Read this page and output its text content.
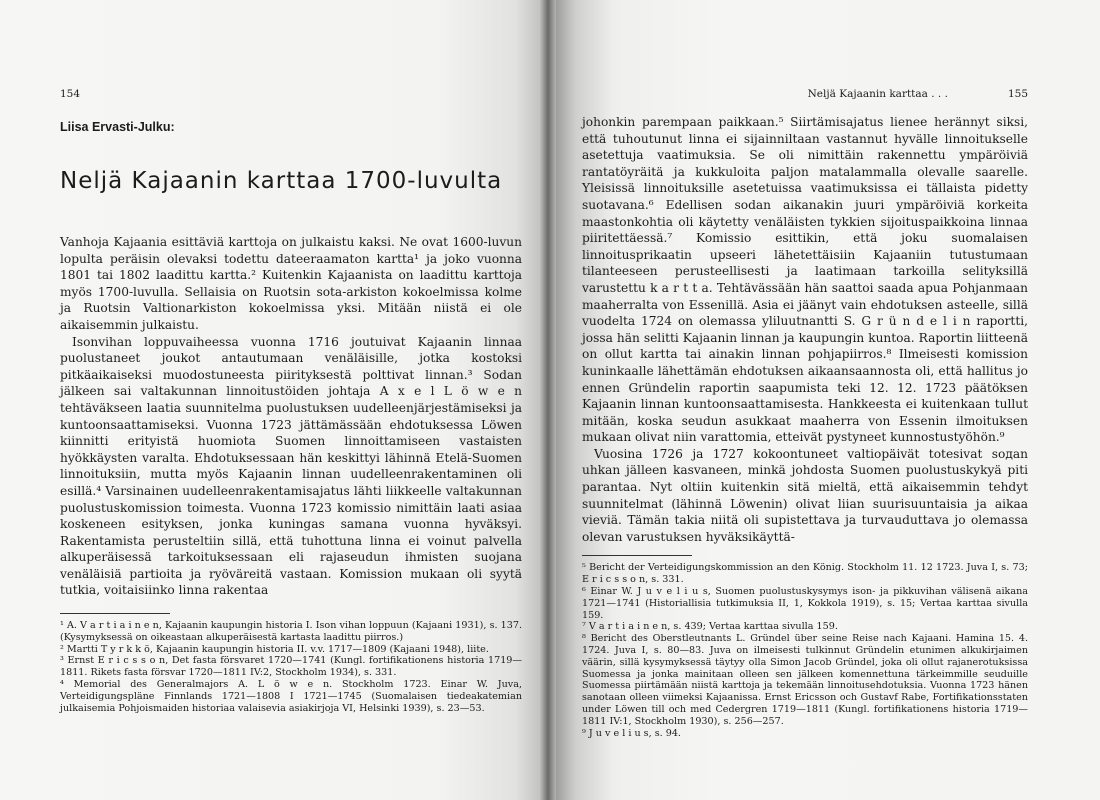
154
Liisa Ervasti-Julku:
Neljä Kajaanin karttaa 1700-luvulta

Vanhoja Kajaania esittäviä karttoja on julkaistu kaksi. Ne ovat 1600-luvun lopulta peräisin olevaksi todettu dateeraamaton kartta¹ ja joko vuonna 1801 tai 1802 laadittu kartta.² Kuitenkin Kajaanista on laadittu karttoja myös 1700-luvulla. Sellaisia on Ruotsin sota-arkiston kokoelmissa kolme ja Ruotsin Valtionarkiston kokoelmissa yksi. Mitään niistä ei ole aikaisemmin julkaistu.

Isonvihan loppuvaiheessa vuonna 1716 joutuivat Kajaanin linnaa puolustaneet joukot antautumaan venäläisille, jotka kostoksi pitkäaikaiseksi muodostuneesta piirityksestä polttivat linnan.³ Sodan jälkeen sai valtakunnan linnoitustöiden johtaja A x e l L ö w e n tehtäväkseen laatia suunnitelma puolustuksen uudelleenjärjestämiseksi ja kuntoonsaattamiseksi. Vuonna 1723 jättämässään ehdotuksessa Löwen kiinnitti erityistä huomiota Suomen linnoittamiseen vastaisten hyökkäysten varalta. Ehdotuksessaan hän keskittyi lähinnä Etelä-Suomen linnoituksiin, mutta myös Kajaanin linnan uudelleenrakentaminen oli esillä.⁴ Varsinainen uudelleenrakentamisajatus lähti liikkeelle valtakunnan puolustuskomission toimesta. Vuonna 1723 komissio nimittäin laati asiaa koskeneen esityksen, jonka kuningas samana vuonna hyväksyi. Rakentamista perusteltiin sillä, että tuhottuna linna ei voinut palvella alkuperäisessä tarkoituksessaan eli rajaseudun ihmisten suojana venäläisiä partioita ja ryöväreitä vastaan. Komission mukaan oli syytä tutkia, voitaisiinko linna rakentaa

¹ A. V a r t i a i n e n, Kajaanin kaupungin historia I. Ison vihan loppuun (Kajaani 1931), s. 137. (Kysymyksessä on oikeastaan alkuperäisestä kartasta laadittu piirros.)

² Martti T y r k k ö, Kajaanin kaupungin historia II. v.v. 1717—1809 (Kajaani 1948), liite.

³ Ernst E r i c s s o n, Det fasta försvaret 1720—1741 (Kungl. fortifikationens historia 1719—1811. Rikets fasta försvar 1720—1811 IV:2, Stockholm 1934), s. 331.

⁴ Memorial des Generalmajors A. L ö w e n. Stockholm 1723. Einar W. Juva, Verteidigungspläne Finnlands 1721—1808 I 1721—1745 (Suomalaisen tiedeakatemian julkaisemia Pohjoismaiden historiaa valaisevia asiakirjoja VI, Helsinki 1939), s. 23—53.

Neljä Kajaanin karttaa . . .	155

johonkin parempaan paikkaan.⁵ Siirtämisajatus lienee herännyt siksi, että tuhoutunut linna ei sijainniltaan vastannut hyvälle linnoitukselle asetettuja vaatimuksia. Se oli nimittäin rakennettu ympäröiviä rantatöyräitä ja kukkuloita paljon matalammalla olevalle saarelle. Yleisissä linnoituksille asetetuissa vaatimuksissa ei tällaista pidetty suotavana.⁶ Edellisen sodan aikanakin juuri ympäröiviä korkeita maastonkohtia oli käytetty venäläisten tykkien sijoituspaikkoina linnaa piiritettäessä.⁷ Komissio esittikin, että joku suomalaisen linnoitusprikaatin upseeri lähetettäisiin Kajaaniin tutustumaan tilanteeseen perusteellisesti ja laatimaan tarkoilla selityksillä varustettu k a r t t a. Tehtävässään hän saattoi saada apua Pohjanmaan maaherralta von Essenillä. Asia ei jäänyt vain ehdotuksen asteelle, sillä vuodelta 1724 on olemassa yliluutnantti S. G r ü n d e l i n raportti, jossa hän selitti Kajaanin linnan ja kaupungin kuntoa. Raportin liitteenä on ollut kartta tai ainakin linnan pohjapiirros.⁸ Ilmeisesti komission kuninkaalle lähettämän ehdotuksen aikaansaannosta oli, että hallitus jo ennen Gründelin raportin saapumista teki 12. 12. 1723 päätöksen Kajaanin linnan kuntoonsaattamisesta. Hankkeesta ei kuitenkaan tullut mitään, koska seudun asukkaat maaherra von Essenin ilmoituksen mukaan olivat niin varattomia, etteivät pystyneet kunnostustyöhön.⁹

Vuosina 1726 ja 1727 kokoontuneet valtiopäivät totesivat soдan uhkan jälleen kasvaneen, minkä johdosta Suomen puolustuskykyä piti parantaa. Nyt oltiin kuitenkin sitä mieltä, että aikaisemmin tehdyt suunnitelmat (lähinnä Löwenin) olivat liian suurisuuntaisia ja aikaa vieviä. Tämän takia niitä oli supistettava ja turvauduttava jo olemassa olevan varustuksen hyväksikäyttä-

⁵ Bericht der Verteidigungskommission an den König. Stockholm 11. 12 1723. Juva I, s. 73; E r i c s s o n, s. 331.

⁶ Einar W. J u v e l i u s, Suomen puolustuskysymys ison- ja pikkuvihan välisenä aikana 1721—1741 (Historiallisia tutkimuksia II, 1, Kokkola 1919), s. 15; Vertaa karttaa sivulla 159.

⁷ V a r t i a i n e n, s. 439; Vertaa karttaa sivulla 159.

⁸ Bericht des Oberstleutnants L. Gründel über seine Reise nach Kajaani. Hamina 15. 4. 1724. Juva I, s. 80—83. Juva on ilmeisesti tulkinnut Gründelin etunimen alkukirjaimen väärin, sillä kysymyksessä täytyy olla Simon Jacob Gründel, joka oli ollut rajanerotuksissa Suomessa ja jonka mainitaan olleen sen jälkeen komennettuna tärkeimmille seuduille Suomessa piirtämään niistä karttoja ja tekemään linnoitusehdotuksia. Vuonna 1723 hänen sanotaan olleen viimeksi Kajaanissa. Ernst Ericsson och Gustavf Rabe, Fortifikationsstaten under Löwen till och med Cedergren 1719—1811 (Kungl. fortifikationens historia 1719—1811 IV:1, Stockholm 1930), s. 256—257.

⁹ J u v e l i u s, s. 94.
